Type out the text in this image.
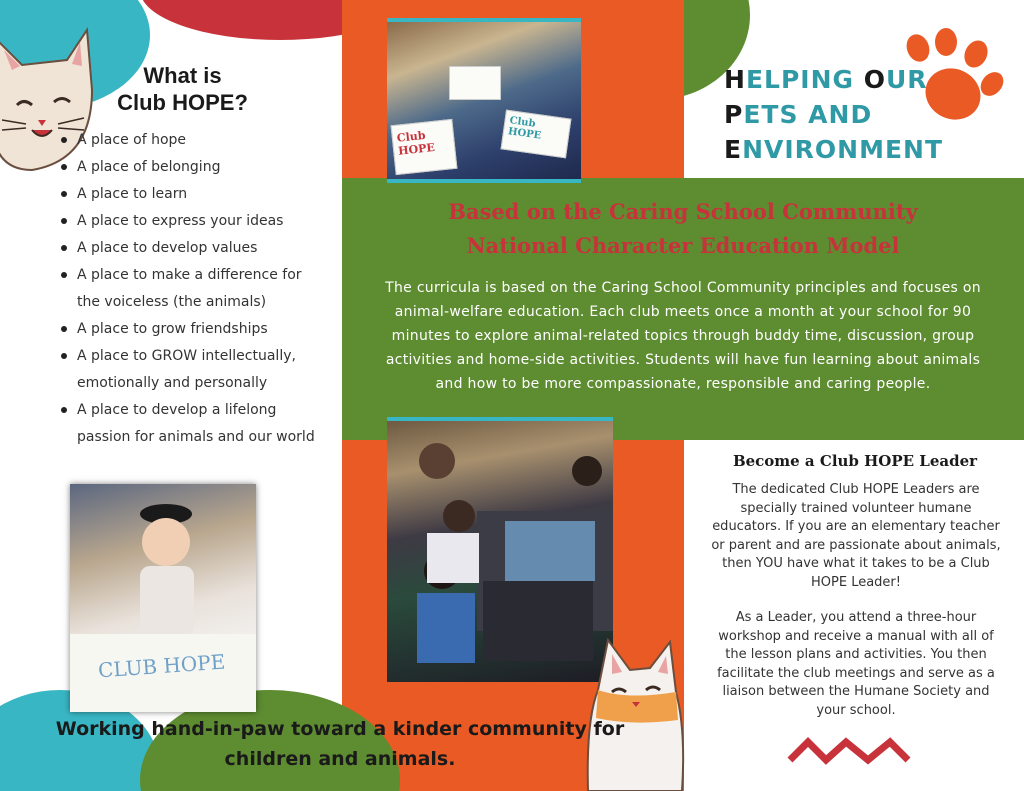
What is
Club HOPE?
A place of hope
A place of belonging
A place to learn
A place to express your ideas
A place to develop values
A place to make a difference for the voiceless (the animals)
A place to grow friendships
A place to GROW intellectually, emotionally and personally
A place to develop a lifelong passion for animals and our world
Club HOPE
Club HOPE
CLUB HOPE
HELPING OUR
PETS AND
ENVIRONMENT
Based on the Caring School Community
National Character Education Model
The curricula is based on the Caring School Community principles and focuses on animal-welfare education. Each club meets once a month at your school for 90 minutes to explore animal-related topics through buddy time, discussion, group activities and home-side activities. Students will have fun learning about animals and how to be more compassionate, responsible and caring people.
Become a Club HOPE Leader
The dedicated Club HOPE Leaders are specially trained volunteer humane educators. If you are an elementary teacher or parent and are passionate about animals, then YOU have what it takes to be a Club HOPE Leader!
As a Leader, you attend a three-hour workshop and receive a manual with all of the lesson plans and activities. You then facilitate the club meetings and serve as a liaison between the Humane Society and your school.
Working hand-in-paw toward a kinder community for children and animals.
